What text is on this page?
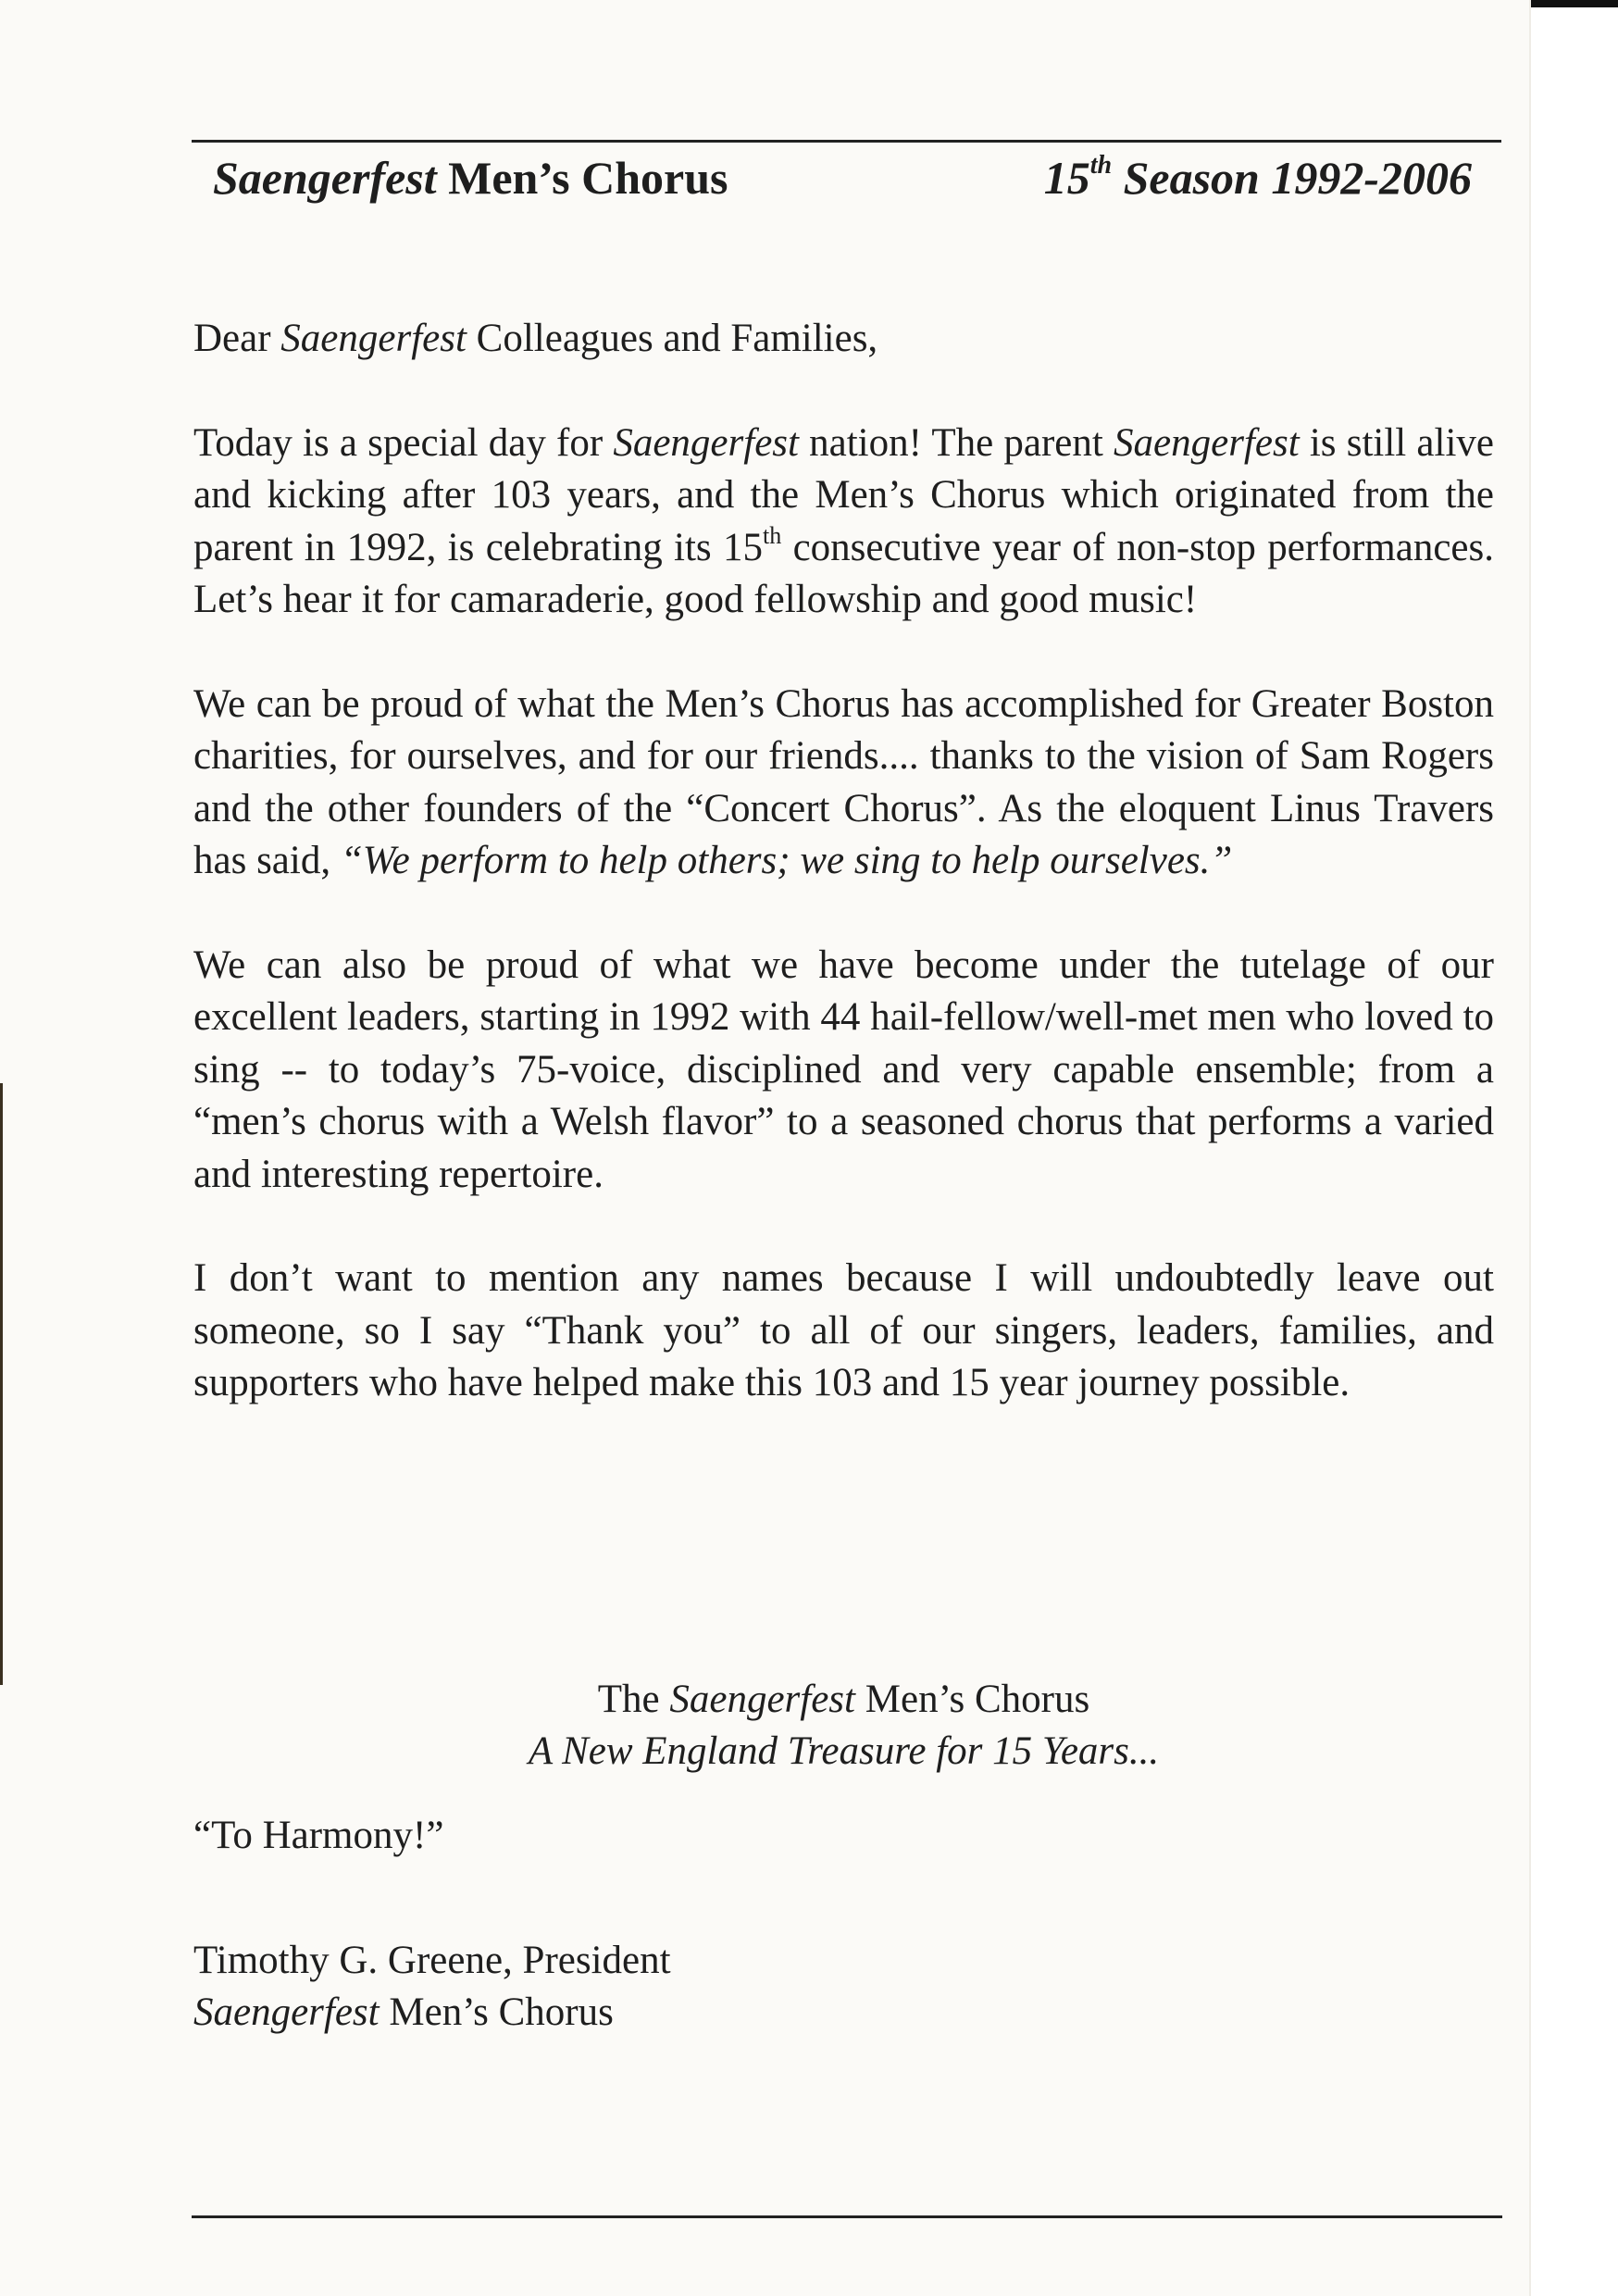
Saengerfest Men’s Chorus	15th Season 1992-2006

Dear Saengerfest Colleagues and Families,

Today is a special day for Saengerfest nation! The parent Saengerfest is still alive and kicking after 103 years, and the Men’s Chorus which originated from the parent in 1992, is celebrating its 15th consecutive year of non-stop performances. Let’s hear it for camaraderie, good fellowship and good music!

We can be proud of what the Men’s Chorus has accomplished for Greater Boston charities, for ourselves, and for our friends.... thanks to the vision of Sam Rogers and the other founders of the “Concert Chorus”. As the eloquent Linus Travers has said, “We perform to help others; we sing to help ourselves.”

We can also be proud of what we have become under the tutelage of our excellent leaders, starting in 1992 with 44 hail-fellow/well-met men who loved to sing -- to today’s 75-voice, disciplined and very capable ensemble; from a “men’s chorus with a Welsh flavor” to a seasoned chorus that performs a varied and interesting repertoire.

I don’t want to mention any names because I will undoubtedly leave out someone, so I say “Thank you” to all of our singers, leaders, families, and supporters who have helped make this 103 and 15 year journey possible.

The Saengerfest Men’s Chorus
A New England Treasure for 15 Years...
“To Harmony!”
Timothy G. Greene, President
Saengerfest Men’s Chorus
